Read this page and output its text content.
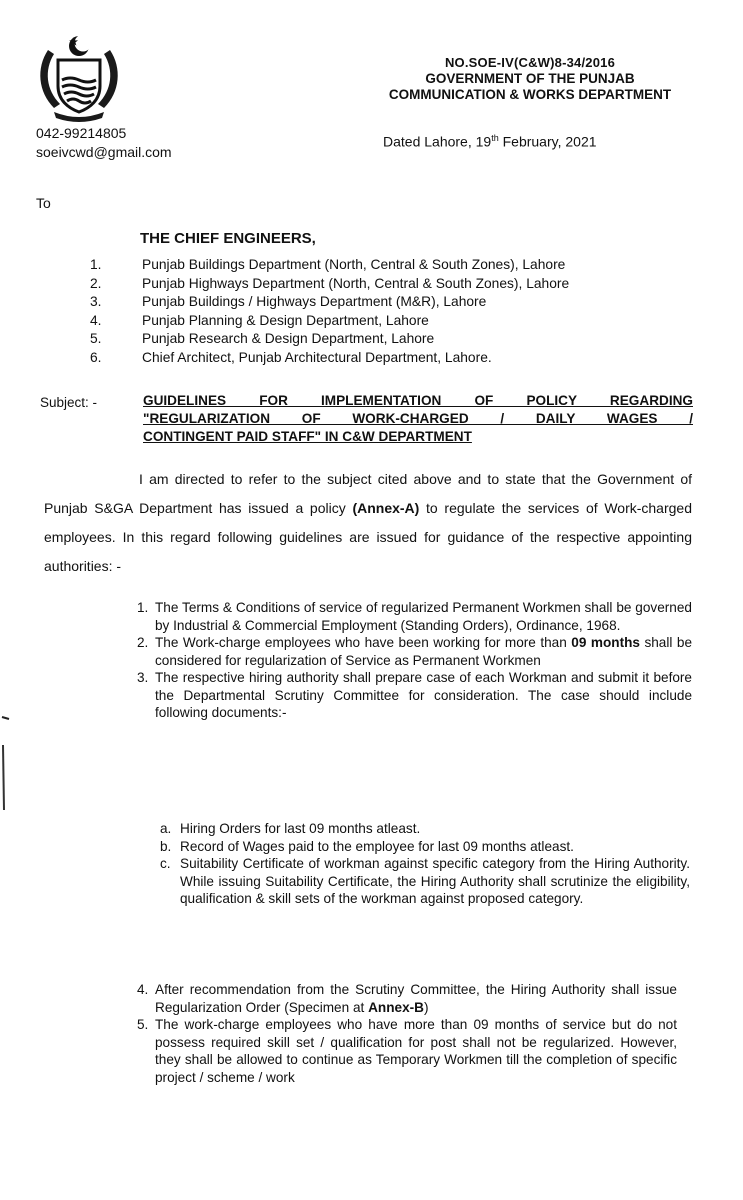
NO.SOE-IV(C&W)8-34/2016
GOVERNMENT OF THE PUNJAB
COMMUNICATION & WORKS DEPARTMENT
042-99214805
soeivcwd@gmail.com
Dated Lahore, 19th February, 2021
To
THE CHIEF ENGINEERS,
1.	Punjab Buildings Department (North, Central & South Zones), Lahore
2.	Punjab Highways Department (North, Central & South Zones), Lahore
3.	Punjab Buildings / Highways Department (M&R), Lahore
4.	Punjab Planning & Design Department, Lahore
5.	Punjab Research & Design Department, Lahore
6.	Chief Architect, Punjab Architectural Department, Lahore.
Subject: -	GUIDELINES FOR IMPLEMENTATION OF POLICY REGARDING
"REGULARIZATION OF WORK-CHARGED / DAILY WAGES /
CONTINGENT PAID STAFF" IN C&W DEPARTMENT
I am directed to refer to the subject cited above and to state that the Government of Punjab S&GA Department has issued a policy (Annex-A) to regulate the services of Work-charged employees. In this regard following guidelines are issued for guidance of the respective appointing authorities: -
1. The Terms & Conditions of service of regularized Permanent Workmen shall be governed by Industrial & Commercial Employment (Standing Orders), Ordinance, 1968.
2. The Work-charge employees who have been working for more than 09 months shall be considered for regularization of Service as Permanent Workmen
3. The respective hiring authority shall prepare case of each Workman and submit it before the Departmental Scrutiny Committee for consideration. The case should include following documents:-
a. Hiring Orders for last 09 months atleast.
b. Record of Wages paid to the employee for last 09 months atleast.
c. Suitability Certificate of workman against specific category from the Hiring Authority. While issuing Suitability Certificate, the Hiring Authority shall scrutinize the eligibility, qualification & skill sets of the workman against proposed category.
4. After recommendation from the Scrutiny Committee, the Hiring Authority shall issue Regularization Order (Specimen at Annex-B)
5. The work-charge employees who have more than 09 months of service but do not possess required skill set / qualification for post shall not be regularized. However, they shall be allowed to continue as Temporary Workmen till the completion of specific project / scheme / work
